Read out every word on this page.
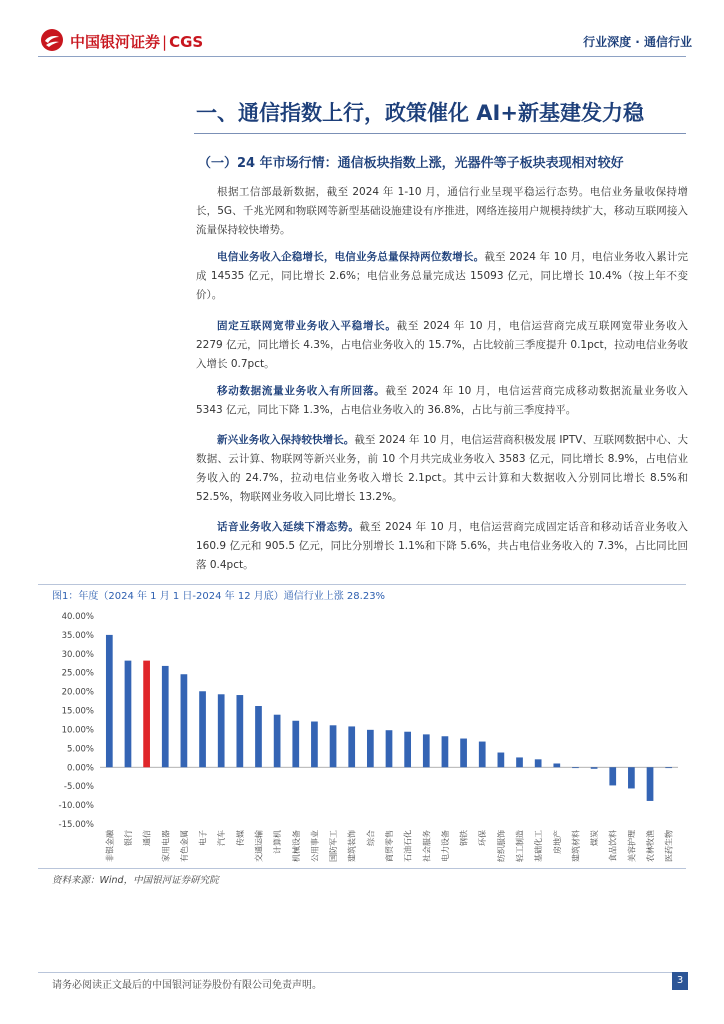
中国银河证券 | CGS	行业深度 · 通信行业
一、通信指数上行，政策催化 AI+新基建发力稳
（一）24 年市场行情：通信板块指数上涨，光器件等子板块表现相对较好
根据工信部最新数据，截至 2024 年 1-10 月，通信行业呈现平稳运行态势。电信业务量收保持增长，5G、千兆光网和物联网等新型基础设施建设有序推进，网络连接用户规模持续扩大，移动互联网接入流量保持较快增势。
电信业务收入企稳增长，电信业务总量保持两位数增长。截至 2024 年 10 月，电信业务收入累计完成 14535 亿元，同比增长 2.6%；电信业务总量完成达 15093 亿元，同比增长 10.4%（按上年不变价）。
固定互联网宽带业务收入平稳增长。截至 2024 年 10 月，电信运营商完成互联网宽带业务收入 2279 亿元，同比增长 4.3%，占电信业务收入的 15.7%，占比较前三季度提升 0.1pct，拉动电信业务收入增长 0.7pct。
移动数据流量业务收入有所回落。截至 2024 年 10 月，电信运营商完成移动数据流量业务收入 5343 亿元，同比下降 1.3%，占电信业务收入的 36.8%，占比与前三季度持平。
新兴业务收入保持较快增长。截至 2024 年 10 月，电信运营商积极发展 IPTV、互联网数据中心、大数据、云计算、物联网等新兴业务，前 10 个月共完成业务收入 3583 亿元，同比增长 8.9%，占电信业务收入的 24.7%，拉动电信业务收入增长 2.1pct。其中云计算和大数据收入分别同比增长 8.5%和 52.5%，物联网业务收入同比增长 13.2%。
话音业务收入延续下滑态势。截至 2024 年 10 月，电信运营商完成固定话音和移动话音业务收入 160.9 亿元和 905.5 亿元，同比分别增长 1.1%和下降 5.6%，共占电信业务收入的 7.3%，占比同比回落 0.4pct。
图1：年度（2024 年 1 月 1 日-2024 年 12 月底）通信行业上涨 28.23%
40.00%
35.00%
30.00%
25.00%
20.00%
15.00%
10.00%
5.00%
0.00%
-5.00%
-10.00%
-15.00%
非银金融 银行 通信 家用电器 有色金属 电子 汽车 传媒 交通运输 计算机 机械设备 公用事业 国防军工 建筑装饰 综合 商贸零售 石油石化 社会服务 电力设备 钢铁 环保 纺织服饰 轻工制造 基础化工 房地产 建筑材料 煤炭 食品饮料 美容护理 农林牧渔 医药生物
资料来源：Wind，中国银河证券研究院
请务必阅读正文最后的中国银河证券股份有限公司免责声明。	3
